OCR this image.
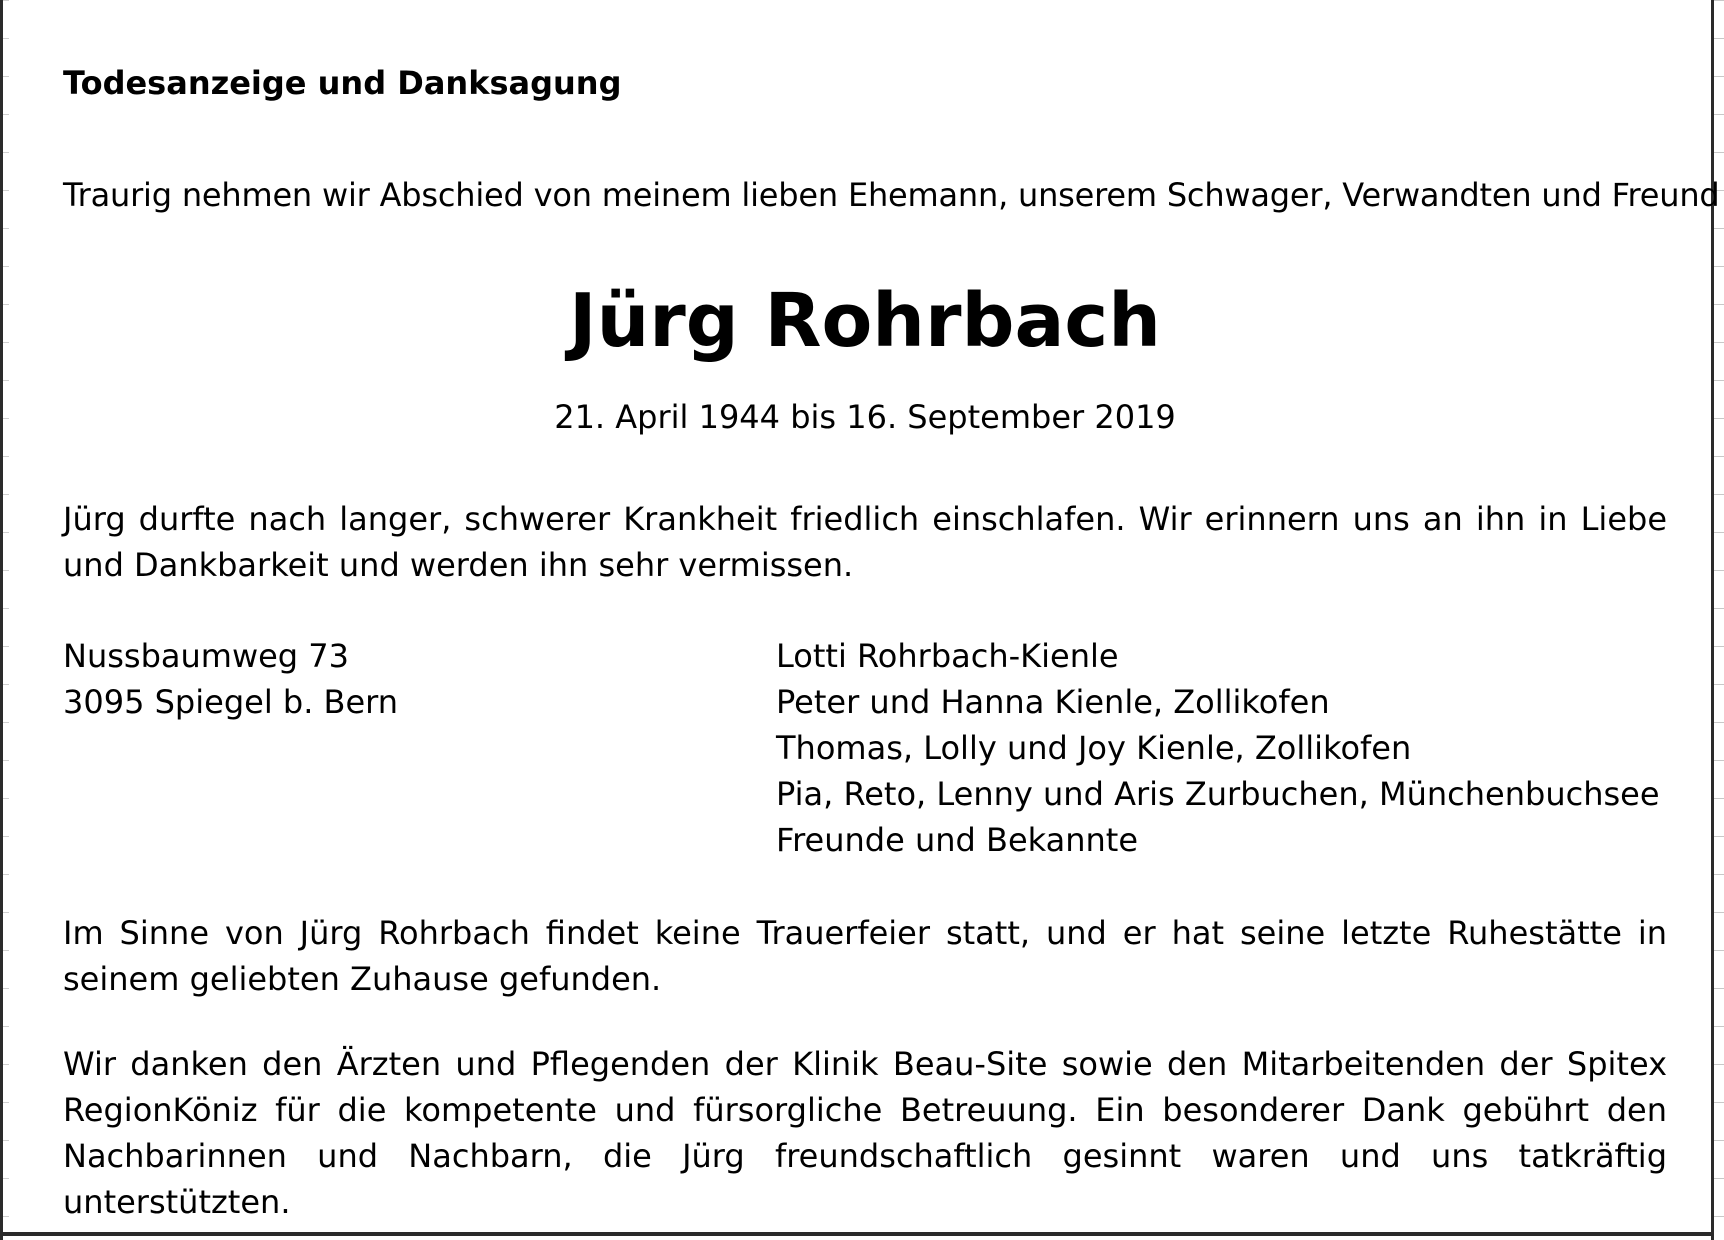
Todesanzeige und Danksagung
Traurig nehmen wir Abschied von meinem lieben Ehemann, unserem Schwager, Verwandten und Freund
Jürg Rohrbach
21. April 1944 bis 16. September 2019
Jürg durfte nach langer, schwerer Krankheit friedlich einschlafen. Wir erinnern uns an ihn in Liebe und Dankbarkeit und werden ihn sehr vermissen.
Nussbaumweg 73
3095 Spiegel b. Bern
Lotti Rohrbach-Kienle
Peter und Hanna Kienle, Zollikofen
Thomas, Lolly und Joy Kienle, Zollikofen
Pia, Reto, Lenny und Aris Zurbuchen, Münchenbuchsee
Freunde und Bekannte
Im Sinne von Jürg Rohrbach findet keine Trauerfeier statt, und er hat seine letzte Ruhestätte in seinem geliebten Zuhause gefunden.
Wir danken den Ärzten und Pflegenden der Klinik Beau-Site sowie den Mitarbeitenden der Spitex RegionKöniz für die kompetente und fürsorgliche Betreuung. Ein besonderer Dank gebührt den Nachbarinnen und Nachbarn, die Jürg freundschaftlich gesinnt waren und uns tatkräftig unterstützten.
